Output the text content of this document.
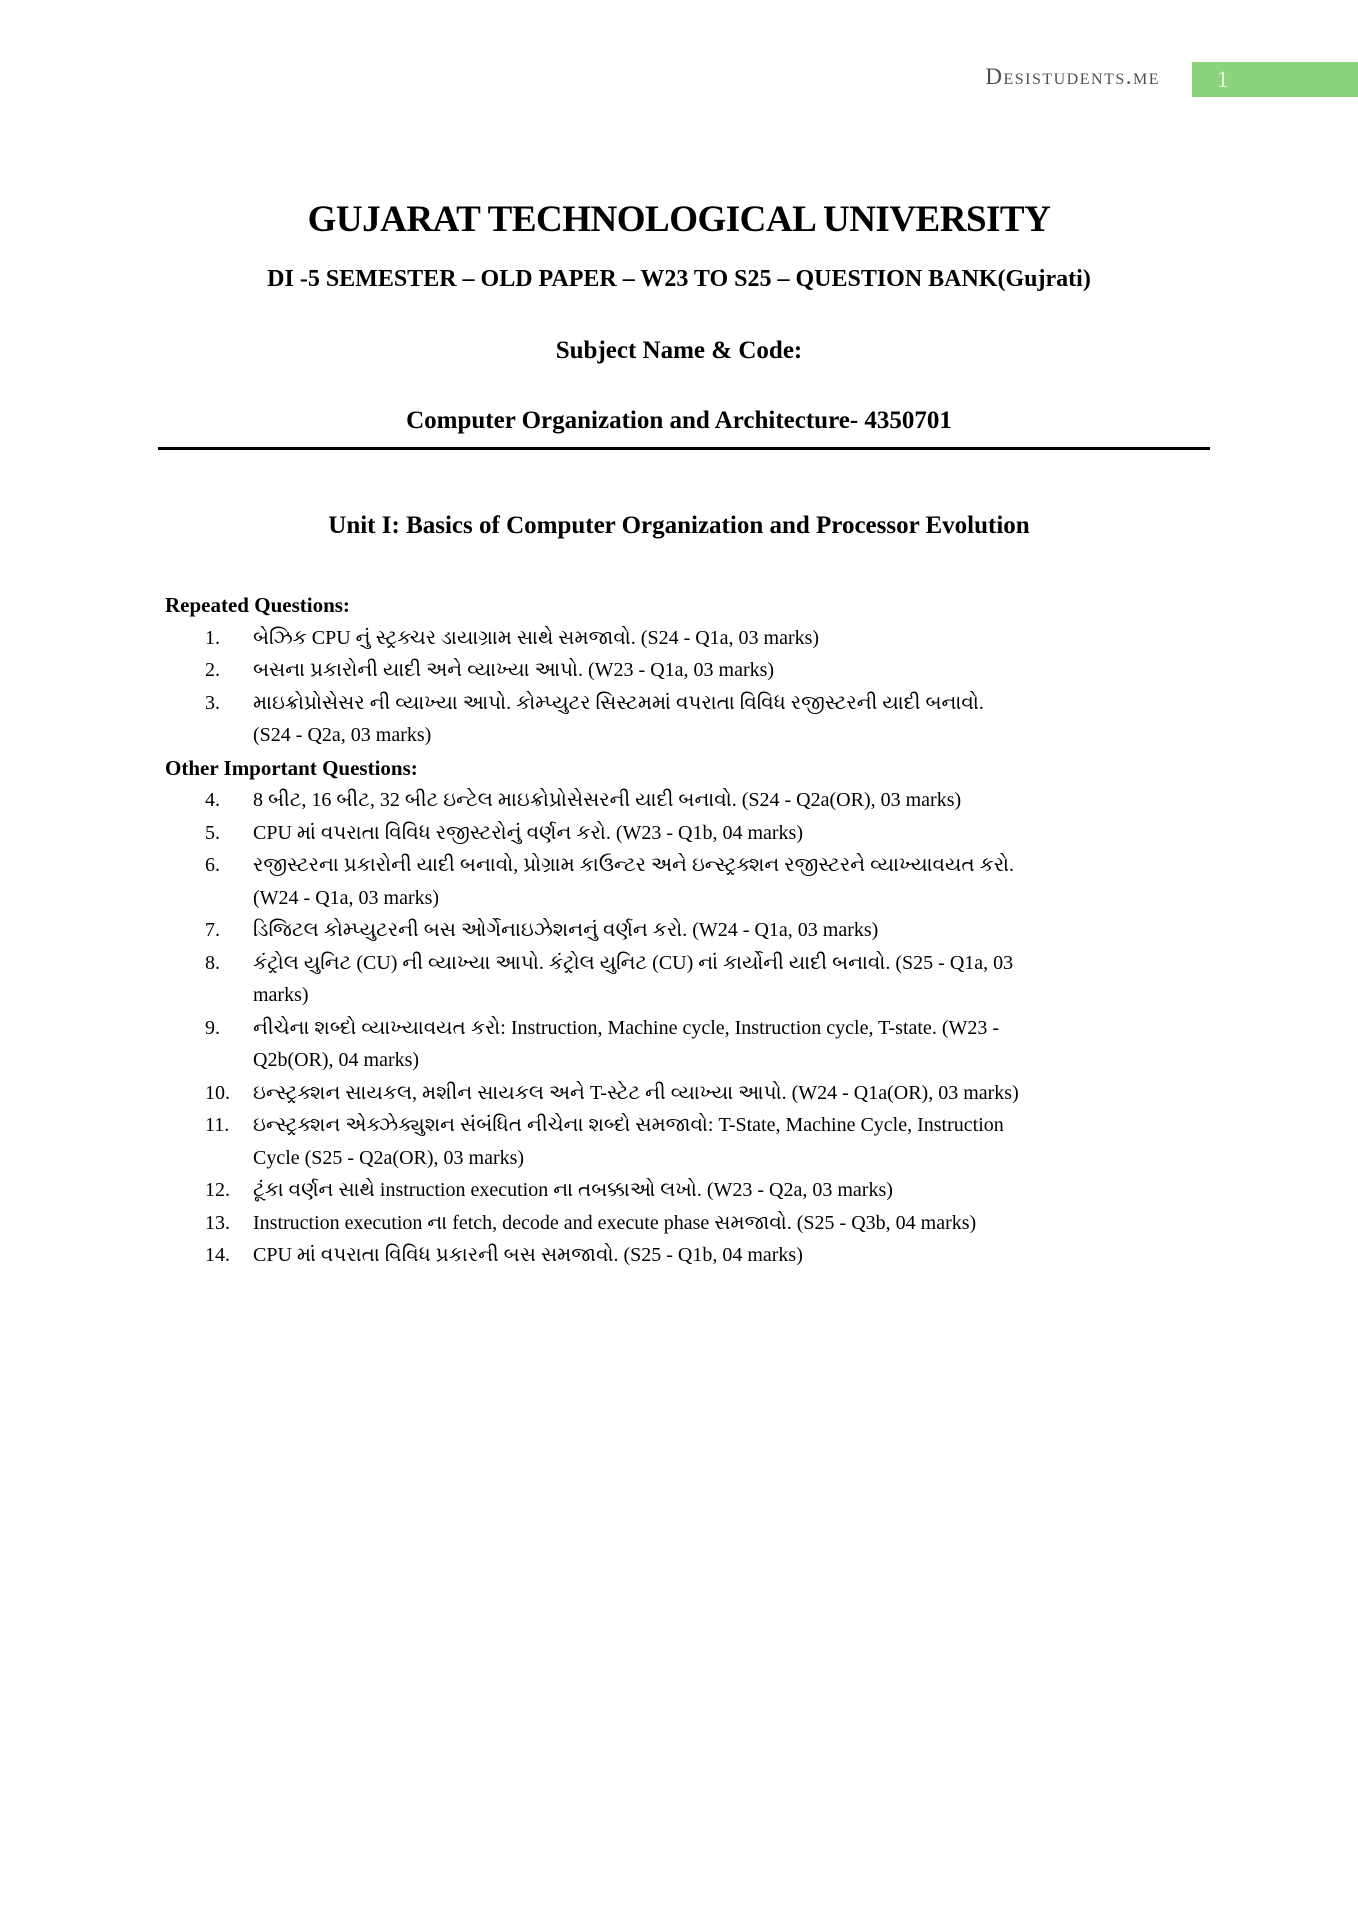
Desistudents.me	1
GUJARAT TECHNOLOGICAL UNIVERSITY
DI -5 SEMESTER – OLD PAPER – W23 TO S25 – QUESTION BANK(Gujrati)
Subject Name & Code:
Computer Organization and Architecture- 4350701
Unit I: Basics of Computer Organization and Processor Evolution
Repeated Questions:
1.	બેઝિક CPU નું સ્ટ્રક્ચર ડાયાગ્રામ સાથે સમજાવો. (S24 - Q1a, 03 marks)
2.	બસના પ્રકારોની યાદી અને વ્યાખ્યા આપો. (W23 - Q1a, 03 marks)
3.	માઇક્રોપ્રોસેસર ની વ્યાખ્યા આપો. કોમ્પ્યુટર સિસ્ટમમાં વપરાતા વિવિધ રજીસ્ટરની યાદી બનાવો.
(S24 - Q2a, 03 marks)
Other Important Questions:
4.	8 બીટ, 16 બીટ, 32 બીટ ઇન્ટેલ માઇક્રોપ્રોસેસરની યાદી બનાવો. (S24 - Q2a(OR), 03 marks)
5.	CPU માં વપરાતા વિવિધ રજીસ્ટરોનું વર્ણન કરો. (W23 - Q1b, 04 marks)
6.	રજીસ્ટરના પ્રકારોની યાદી બનાવો, પ્રોગ્રામ કાઉન્ટર અને ઇન્સ્ટ્રક્શન રજીસ્ટરને વ્યાખ્યાવયત કરો.
(W24 - Q1a, 03 marks)
7.	ડિજિટલ કોમ્પ્યુટરની બસ ઓર્ગેનાઇઝેશનનું વર્ણન કરો. (W24 - Q1a, 03 marks)
8.	કંટ્રોલ યુનિટ (CU) ની વ્યાખ્યા આપો. કંટ્રોલ યુનિટ (CU) નાં કાર્યોની યાદી બનાવો. (S25 - Q1a, 03
marks)
9.	નીચેના શબ્દો વ્યાખ્યાવયત કરો: Instruction, Machine cycle, Instruction cycle, T-state. (W23 -
Q2b(OR), 04 marks)
10.	ઇન્સ્ટ્રક્શન સાયકલ, મશીન સાયકલ અને T-સ્ટેટ ની વ્યાખ્યા આપો. (W24 - Q1a(OR), 03 marks)
11.	ઇન્સ્ટ્રક્શન એક્ઝેક્યુશન સંબંધિત નીચેના શબ્દો સમજાવો: T-State, Machine Cycle, Instruction
Cycle (S25 - Q2a(OR), 03 marks)
12.	ટૂંકા વર્ણન સાથે instruction execution ના તબક્કાઓ લખો. (W23 - Q2a, 03 marks)
13.	Instruction execution ના fetch, decode and execute phase સમજાવો. (S25 - Q3b, 04 marks)
14.	CPU માં વપરાતા વિવિધ પ્રકારની બસ સમજાવો. (S25 - Q1b, 04 marks)
